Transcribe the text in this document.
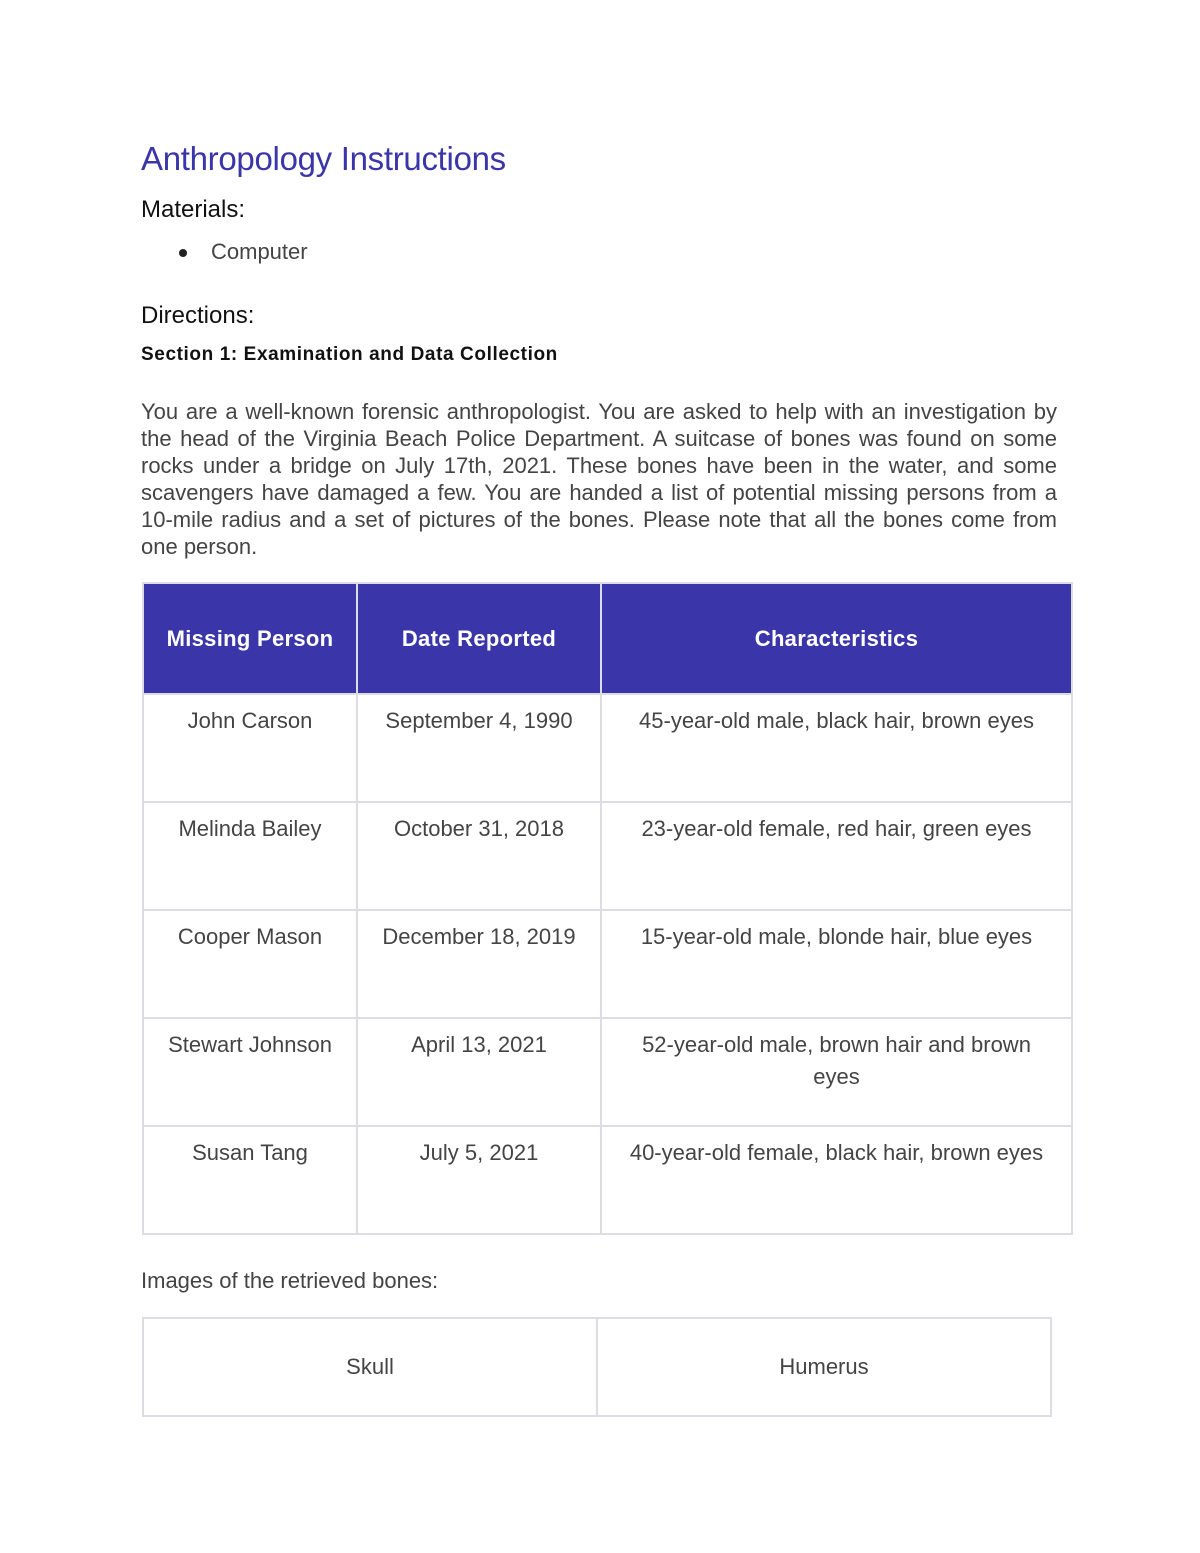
Anthropology Instructions
Materials:
Computer
Directions:
Section 1: Examination and Data Collection

You are a well-known forensic anthropologist. You are asked to help with an investigation by the head of the Virginia Beach Police Department. A suitcase of bones was found on some rocks under a bridge on July 17th, 2021. These bones have been in the water, and some scavengers have damaged a few. You are handed a list of potential missing persons from a 10-mile radius and a set of pictures of the bones. Please note that all the bones come from one person.

Missing Person	Date Reported	Characteristics

John Carson	September 4, 1990	45-year-old male, black hair, brown eyes

Melinda Bailey	October 31, 2018	23-year-old female, red hair, green eyes

Cooper Mason	December 18, 2019	15-year-old male, blonde hair, blue eyes

Stewart Johnson	April 13, 2021	52-year-old male, brown hair and brown eyes

Susan Tang	July 5, 2021	40-year-old female, black hair, brown eyes

Images of the retrieved bones:

Skull	Humerus
